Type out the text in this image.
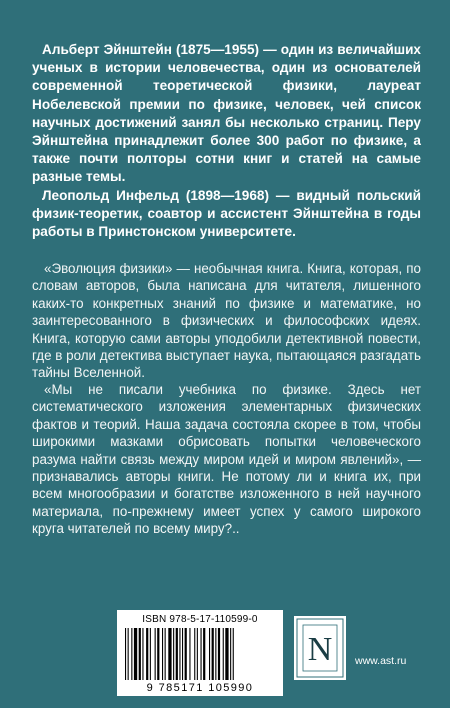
Альберт Эйнштейн (1875—1955) — один из величайших ученых в истории человечества, один из основателей современной теоретической физики, лауреат Нобелевской премии по физике, человек, чей список научных достижений занял бы несколько страниц. Перу Эйнштейна принадлежит более 300 работ по физике, а также почти полторы сотни книг и статей на самые разные темы.

Леопольд Инфельд (1898—1968) — видный польский физик-теоретик, соавтор и ассистент Эйнштейна в годы работы в Принстонском университете.

«Эволюция физики» — необычная книга. Книга, которая, по словам авторов, была написана для читателя, лишенного каких-то конкретных знаний по физике и математике, но заинтересованного в физических и философских идеях. Книга, которую сами авторы уподобили детективной повести, где в роли детектива выступает наука, пытающаяся разгадать тайны Вселенной.

«Мы не писали учебника по физике. Здесь нет систематического изложения элементарных физических фактов и теорий. Наша задача состояла скорее в том, чтобы широкими мазками обрисовать попытки человеческого разума найти связь между миром идей и миром явлений», — признавались авторы книги. Не потому ли и книга их, при всем многообразии и богатстве изложенного в ней научного материала, по-прежнему имеет успех у самого широкого круга читателей по всему миру?..

ISBN 978-5-17-110599-0
9 785171 105990
N www.ast.ru
